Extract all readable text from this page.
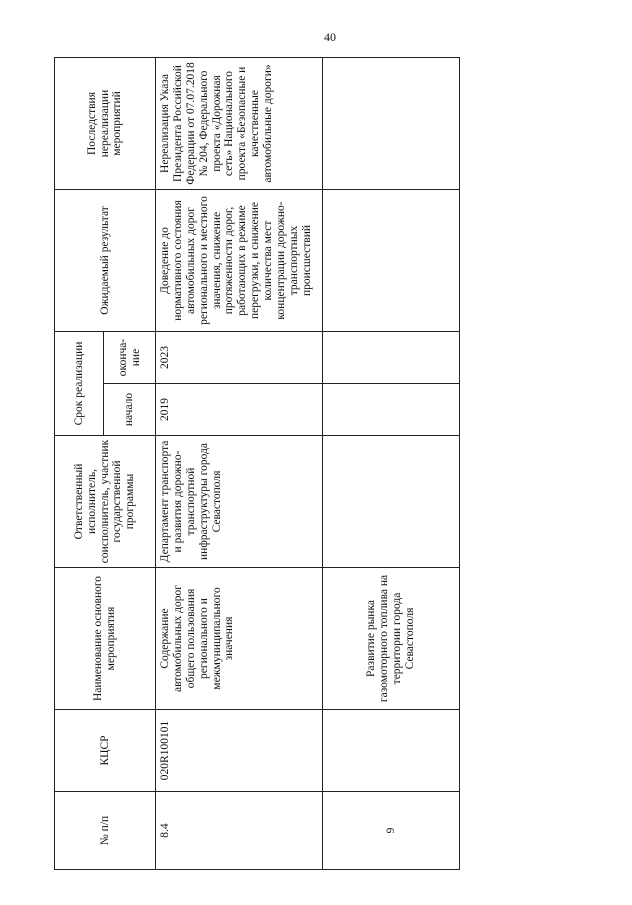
40
№ п/п	КЦСР	Наименование основного мероприятия	Ответственный исполнитель, соисполнитель, участник государственной программы	Срок реализации		Ожидаемый результат	Последствия нереализации мероприятий
				начало	оконча-ние		
8.4	020R100101	Содержание автомобильных дорог общего пользования регионального и межмуниципального значения	Департамент транспорта и развития дорожно-транспортной инфраструктуры города Севастополя	2019	2023	Доведение до нормативного состояния автомобильных дорог регионального и местного значения, снижение протяженности дорог, работающих в режиме перегрузки, и снижение количества мест концентрации дорожно-транспортных происшествий	Нереализация Указа Президента Российской Федерации от 07.07.2018 № 204, Федерального проекта «Дорожная сеть» Национального проекта «Безопасные и качественные автомобильные дороги»
9		Развитие рынка газомоторного топлива на территории города Севастополя					
